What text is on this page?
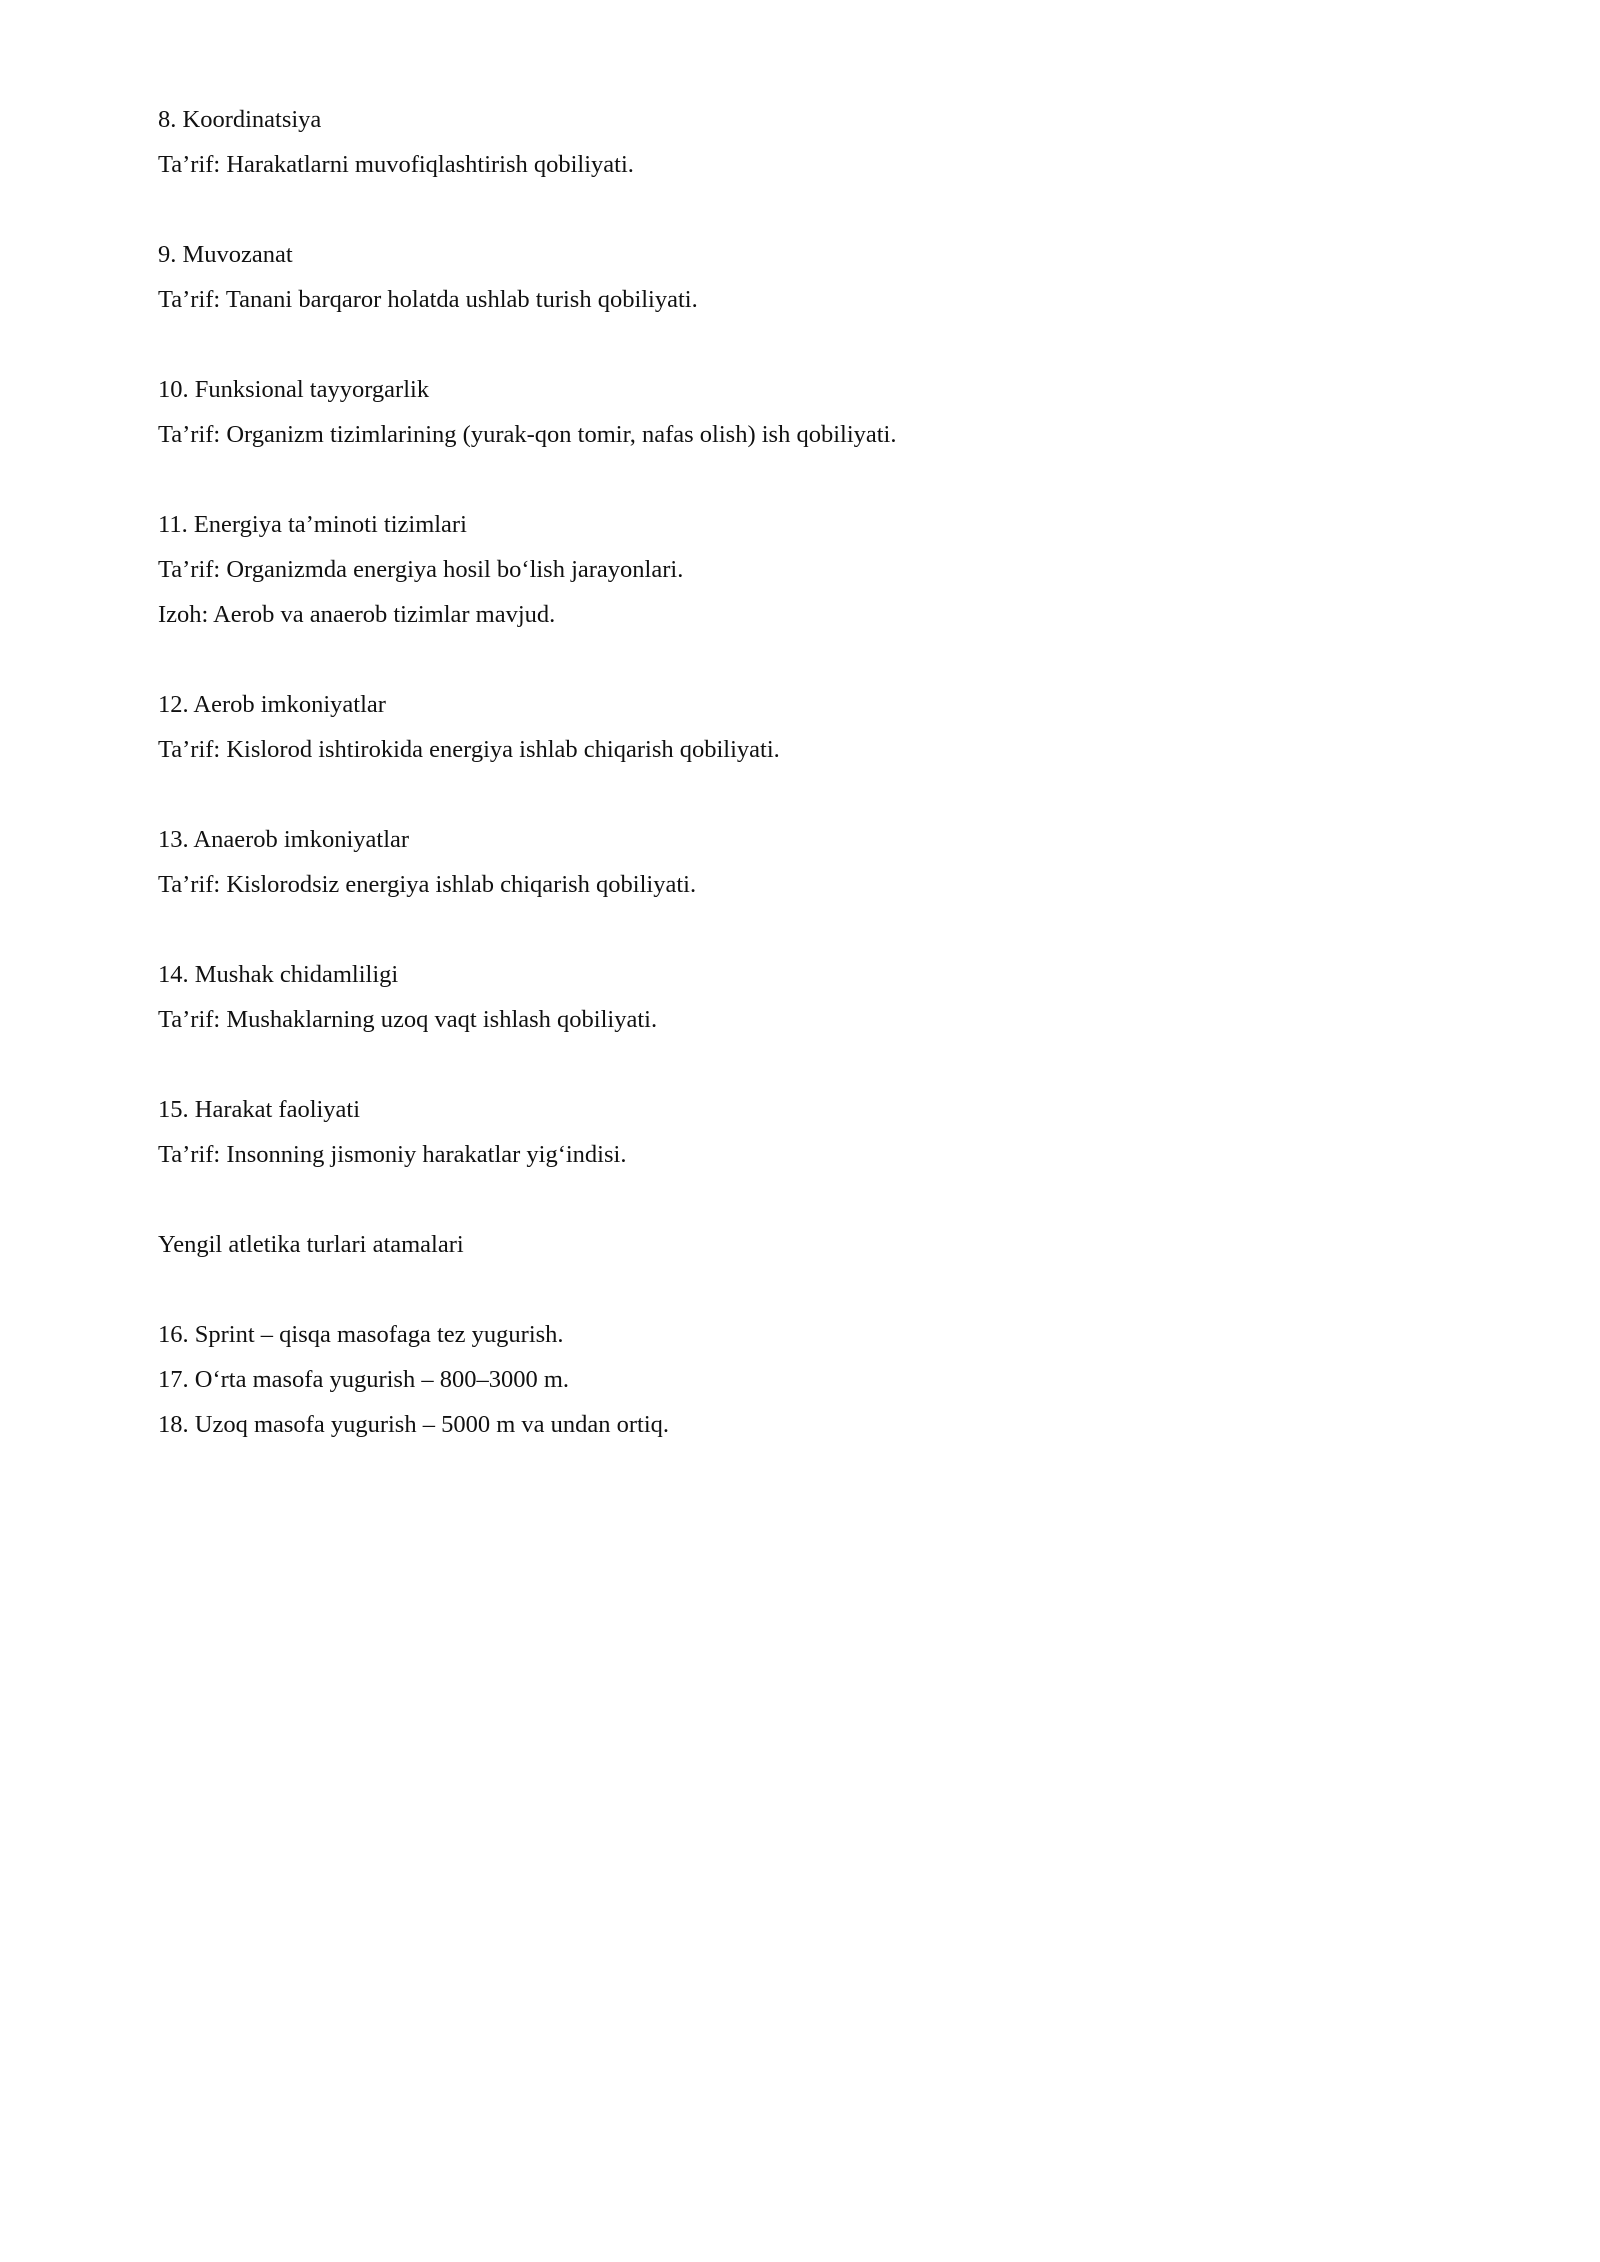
8. Koordinatsiya
Ta’rif: Harakatlarni muvofiqlashtirish qobiliyati.
9. Muvozanat
Ta’rif: Tanani barqaror holatda ushlab turish qobiliyati.
10. Funksional tayyorgarlik
Ta’rif: Organizm tizimlarining (yurak-qon tomir, nafas olish) ish qobiliyati.
11. Energiya ta’minoti tizimlari
Ta’rif: Organizmda energiya hosil bo‘lish jarayonlari.
Izoh: Aerob va anaerob tizimlar mavjud.
12. Aerob imkoniyatlar
Ta’rif: Kislorod ishtirokida energiya ishlab chiqarish qobiliyati.
13. Anaerob imkoniyatlar
Ta’rif: Kislorodsiz energiya ishlab chiqarish qobiliyati.
14. Mushak chidamliligi
Ta’rif: Mushaklarning uzoq vaqt ishlash qobiliyati.
15. Harakat faoliyati
Ta’rif: Insonning jismoniy harakatlar yig‘indisi.
Yengil atletika turlari atamalari
16. Sprint – qisqa masofaga tez yugurish.
17. O‘rta masofa yugurish – 800–3000 m.
18. Uzoq masofa yugurish – 5000 m va undan ortiq.
